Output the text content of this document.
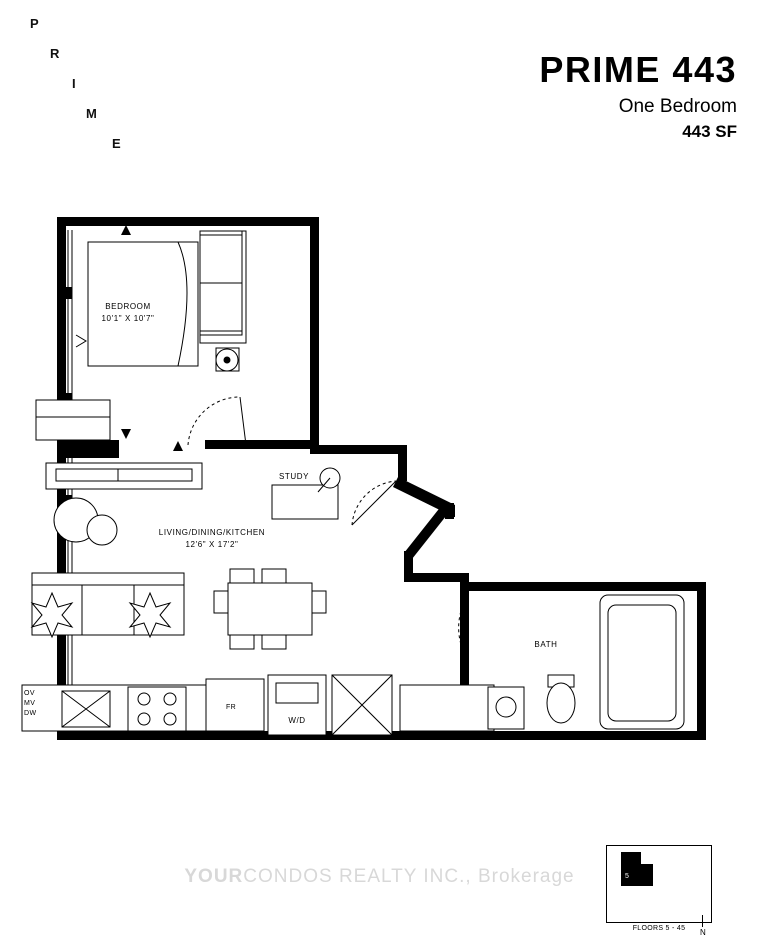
P
R
I
M
E
PRIME 443
One Bedroom
443 SF
BEDROOM
10'1" X 10'7"
LIVING/DINING/KITCHEN
12'6" X 17'2"
STUDY
OV
MV
DW
FR
W/D
BATH
YOURCONDOS REALTY INC., Brokerage	5
FLOORS 5 - 45	N
